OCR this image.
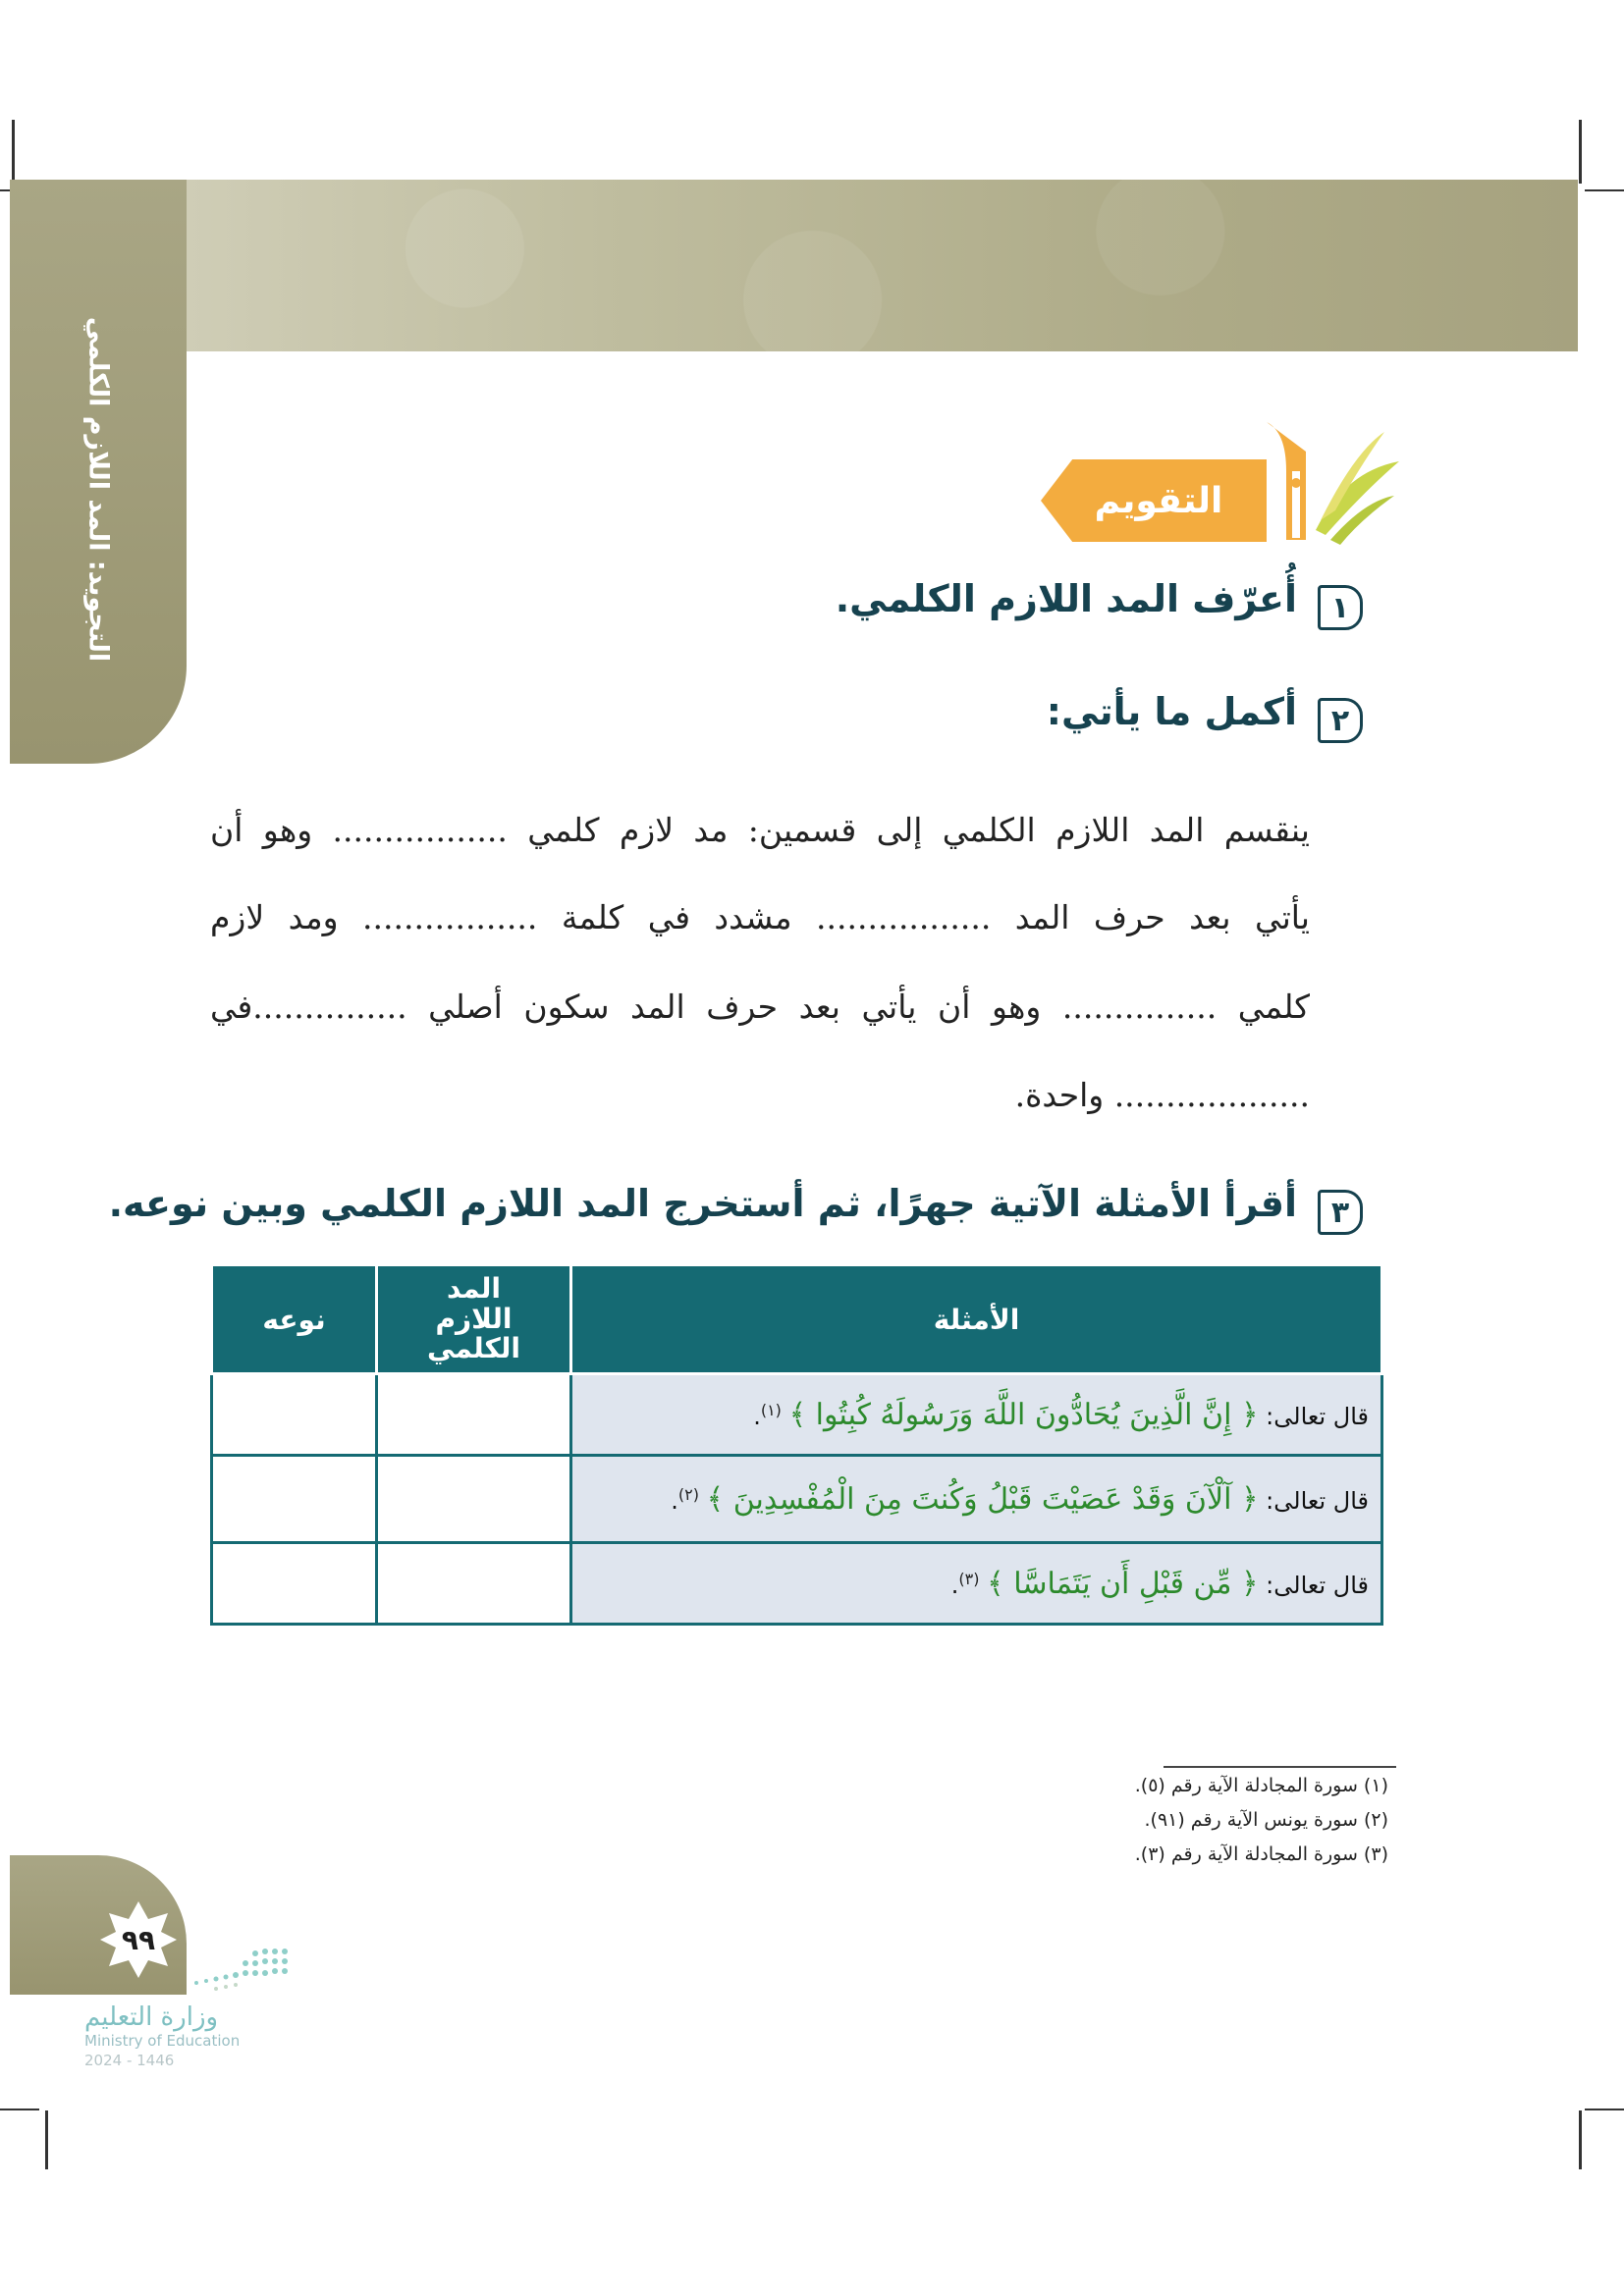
التجويد: المد اللازم الكلمي	التقويم
١
أُعرّف المد اللازم الكلمي.
٢
أكمل ما يأتي:
ينقسم المد اللازم الكلمي إلى قسمين: مد لازم كلمي ................. وهو أن
يأتي بعد حرف المد ................. مشدد في كلمة ................. ومد لازم
كلمي ............... وهو أن يأتي بعد حرف المد سكون أصلي ...............في
................... واحدة.
٣
أقرأ الأمثلة الآتية جهرًا، ثم أستخرج المد اللازم الكلمي وبين نوعه.
الأمثلة	المد اللازم الكلمي	نوعه
قال تعالى: ﴿ إِنَّ الَّذِينَ يُحَادُّونَ اللَّهَ وَرَسُولَهُ كُبِتُوا ﴾ $^{(١)}$.		
قال تعالى: ﴿ آلْآنَ وَقَدْ عَصَيْتَ قَبْلُ وَكُنتَ مِنَ الْمُفْسِدِينَ ﴾ $^{(٢)}$.		
قال تعالى: ﴿ مِّن قَبْلِ أَن يَتَمَاسَّا ﴾ $^{(٣)}$.		
(١) سورة المجادلة الآية رقم (٥).
(٢) سورة يونس الآية رقم (٩١).
(٣) سورة المجادلة الآية رقم (٣).
٩٩
وزارة التعليم
Ministry of Education
2024 - 1446
